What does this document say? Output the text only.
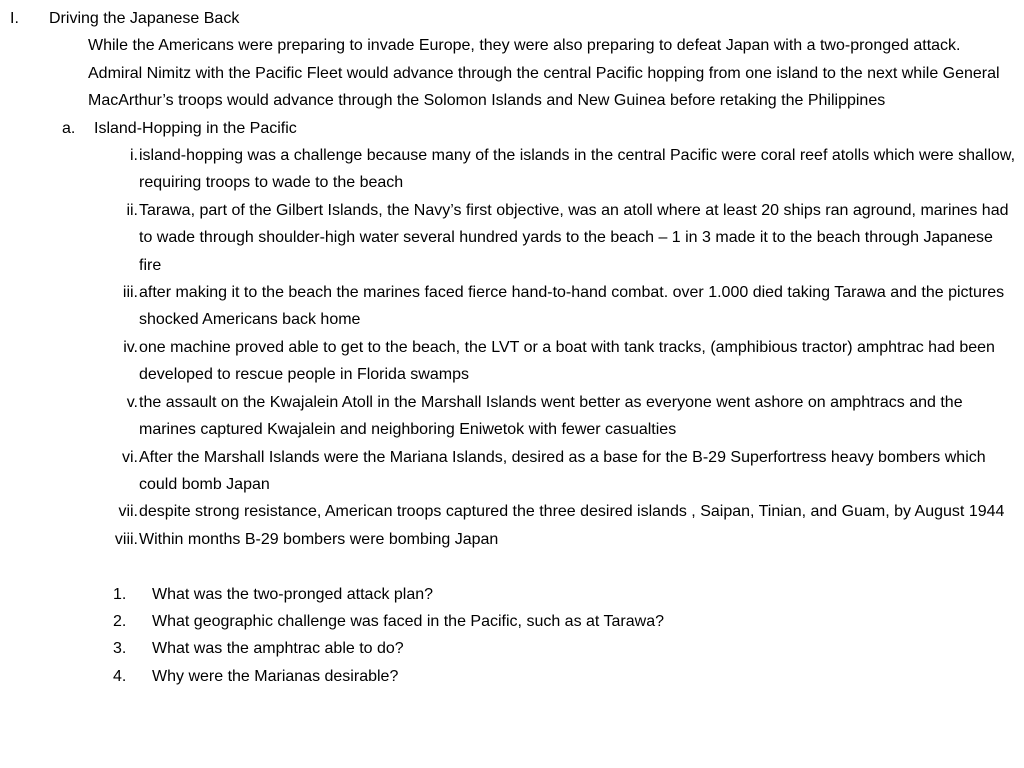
I. Driving the Japanese Back
While the Americans were preparing to invade Europe, they were also preparing to defeat Japan with a two-pronged attack. Admiral Nimitz with the Pacific Fleet would advance through the central Pacific hopping from one island to the next while General MacArthur’s troops would advance through the Solomon Islands and New Guinea before retaking the Philippines
a. Island-Hopping in the Pacific
i. island-hopping was a challenge because many of the islands in the central Pacific were coral reef atolls which were shallow, requiring troops to wade to the beach
ii. Tarawa, part of the Gilbert Islands, the Navy’s first objective, was an atoll where at least 20 ships ran aground, marines had to wade through shoulder-high water several hundred yards to the beach – 1 in 3 made it to the beach through Japanese fire
iii. after making it to the beach the marines faced fierce hand-to-hand combat. over 1.000 died taking Tarawa and the pictures shocked Americans back home
iv. one machine proved able to get to the beach, the LVT or a boat with tank tracks, (amphibious tractor) amphtrac had been developed to rescue people in Florida swamps
v. the assault on the Kwajalein Atoll in the Marshall Islands went better as everyone went ashore on amphtracs and the marines captured Kwajalein and neighboring Eniwetok with fewer casualties
vi. After the Marshall Islands were the Mariana Islands, desired as a base for the B-29 Superfortress heavy bombers which could bomb Japan
vii. despite strong resistance, American troops captured the three desired islands , Saipan, Tinian, and Guam, by August 1944
viii. Within months B-29 bombers were bombing Japan
1. What was the two-pronged attack plan?
2. What geographic challenge was faced in the Pacific, such as at Tarawa?
3. What was the amphtrac able to do?
4. Why were the Marianas desirable?
